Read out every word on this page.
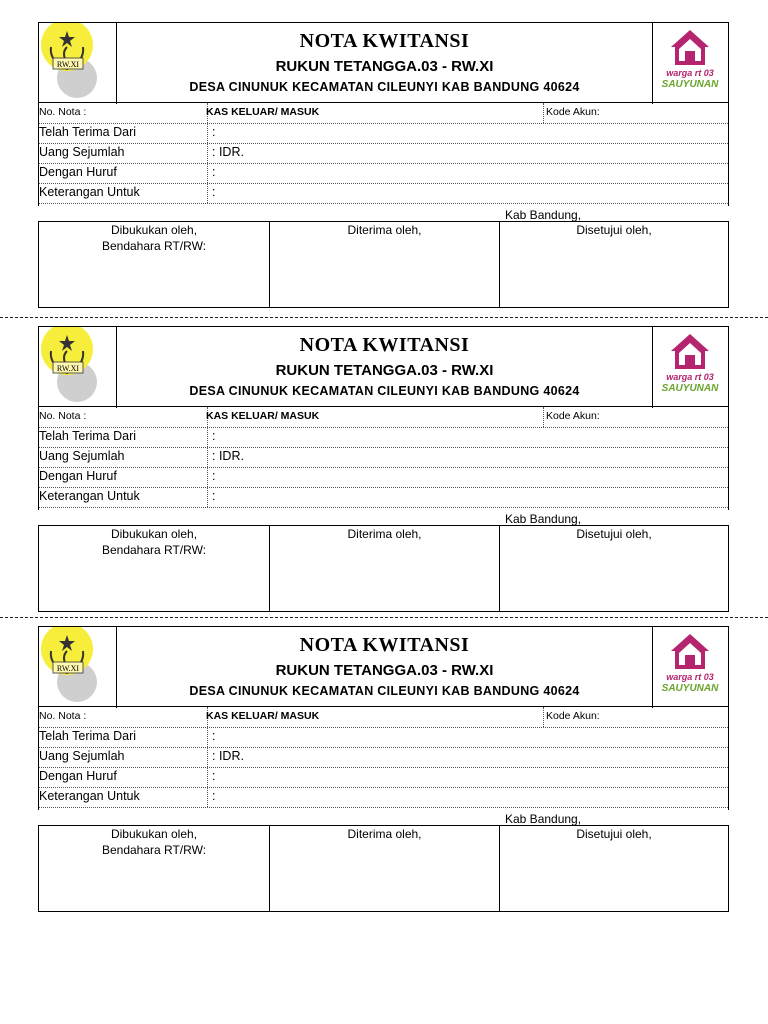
RW.XI
NOTA KWITANSI
RUKUN TETANGGA.03 - RW.XI
DESA CINUNUK KECAMATAN CILEUNYI KAB BANDUNG 40624
warga rt 03
SAUYUNAN
No. Nota :	KAS KELUAR/ MASUK	Kode Akun:
Telah Terima Dari	:
Uang Sejumlah	: IDR.
Dengan Huruf	:
Keterangan Untuk	:
Kab Bandung,
Dibukukan oleh,
Bendahara RT/RW:
Diterima oleh,	Disetujui oleh,
RW.XI
NOTA KWITANSI
RUKUN TETANGGA.03 - RW.XI
DESA CINUNUK KECAMATAN CILEUNYI KAB BANDUNG 40624
warga rt 03
SAUYUNAN
No. Nota :	KAS KELUAR/ MASUK	Kode Akun:
Telah Terima Dari	:
Uang Sejumlah	: IDR.
Dengan Huruf	:
Keterangan Untuk	:
Kab Bandung,
Dibukukan oleh,
Bendahara RT/RW:
Diterima oleh,	Disetujui oleh,
RW.XI
NOTA KWITANSI
RUKUN TETANGGA.03 - RW.XI
DESA CINUNUK KECAMATAN CILEUNYI KAB BANDUNG 40624
warga rt 03
SAUYUNAN
No. Nota :	KAS KELUAR/ MASUK	Kode Akun:
Telah Terima Dari	:
Uang Sejumlah	: IDR.
Dengan Huruf	:
Keterangan Untuk	:
Kab Bandung,
Dibukukan oleh,
Bendahara RT/RW:
Diterima oleh,	Disetujui oleh,
